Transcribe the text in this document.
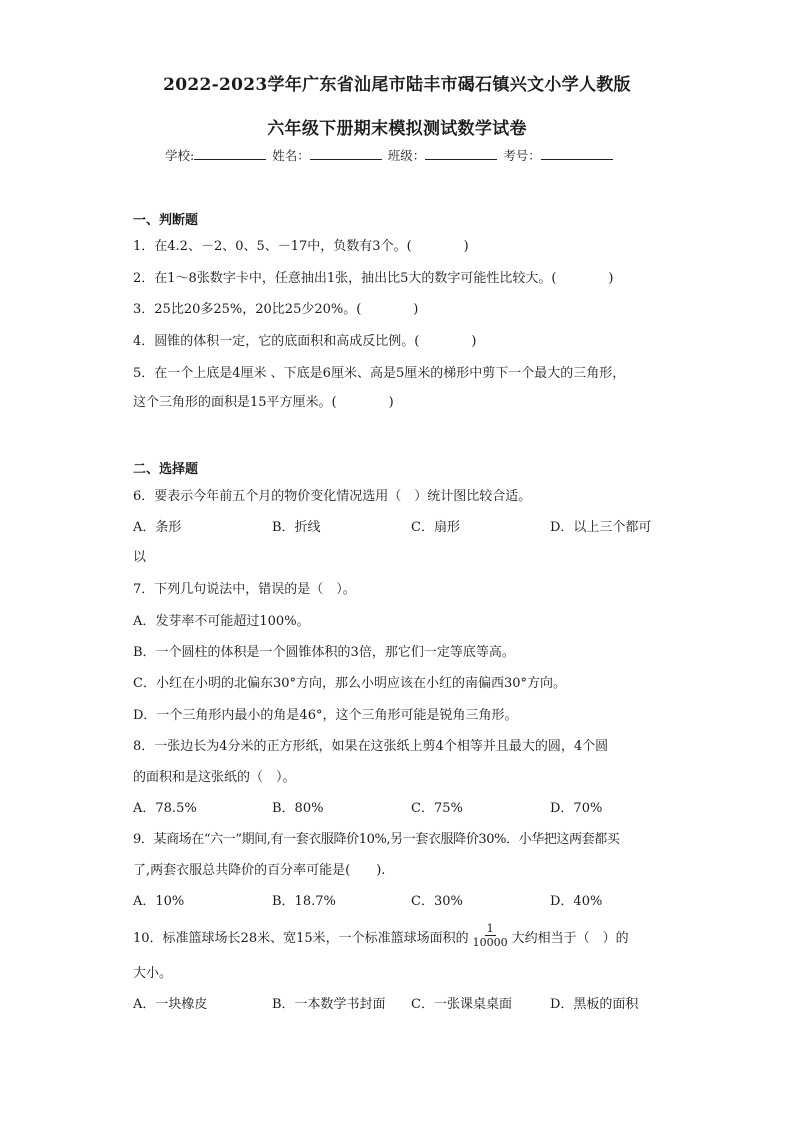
2022-2023学年广东省汕尾市陆丰市碣石镇兴文小学人教版
六年级下册期末模拟测试数学试卷
学校:	姓名：	班级：	考号：
一、判断题
1．在4.2、－2、0、5、－17中，负数有3个。(　　　　)
2．在1～8张数字卡中，任意抽出1张，抽出比5大的数字可能性比较大。(　　　　)
3．25比20多25%，20比25少20%。(　　　　)
4．圆锥的体积一定，它的底面积和高成反比例。(　　　　)
5．在一个上底是4厘米 、下底是6厘米、高是5厘米的梯形中剪下一个最大的三角形，
这个三角形的面积是15平方厘米。(　　　　)
二、选择题
6．要表示今年前五个月的物价变化情况选用（　）统计图比较合适。
A．条形	B．折线	C．扇形	D．以上三个都可
以
7．下列几句说法中，错误的是（　）。
A．发芽率不可能超过100%。
B．一个圆柱的体积是一个圆锥体积的3倍，那它们一定等底等高。
C．小红在小明的北偏东30°方向，那么小明应该在小红的南偏西30°方向。
D．一个三角形内最小的角是46°，这个三角形可能是锐角三角形。
8．一张边长为4分米的正方形纸，如果在这张纸上剪4个相等并且最大的圆，4个圆
的面积和是这张纸的（　）。
A．78.5%	B．80%	C．75%	D．70%
9．某商场在“六一”期间,有一套衣服降价10%,另一套衣服降价30%．小华把这两套都买
了,两套衣服总共降价的百分率可能是(　　).
A．10%	B．18.7%	C．30%	D．40%
10．标准篮球场长28米、宽15米，一个标准篮球场面积的 $\frac{1}{10000}$ 大约相当于（　）的
大小。
A．一块橡皮	B．一本数学书封面 C．一张课桌桌面	D．黑板的面积
